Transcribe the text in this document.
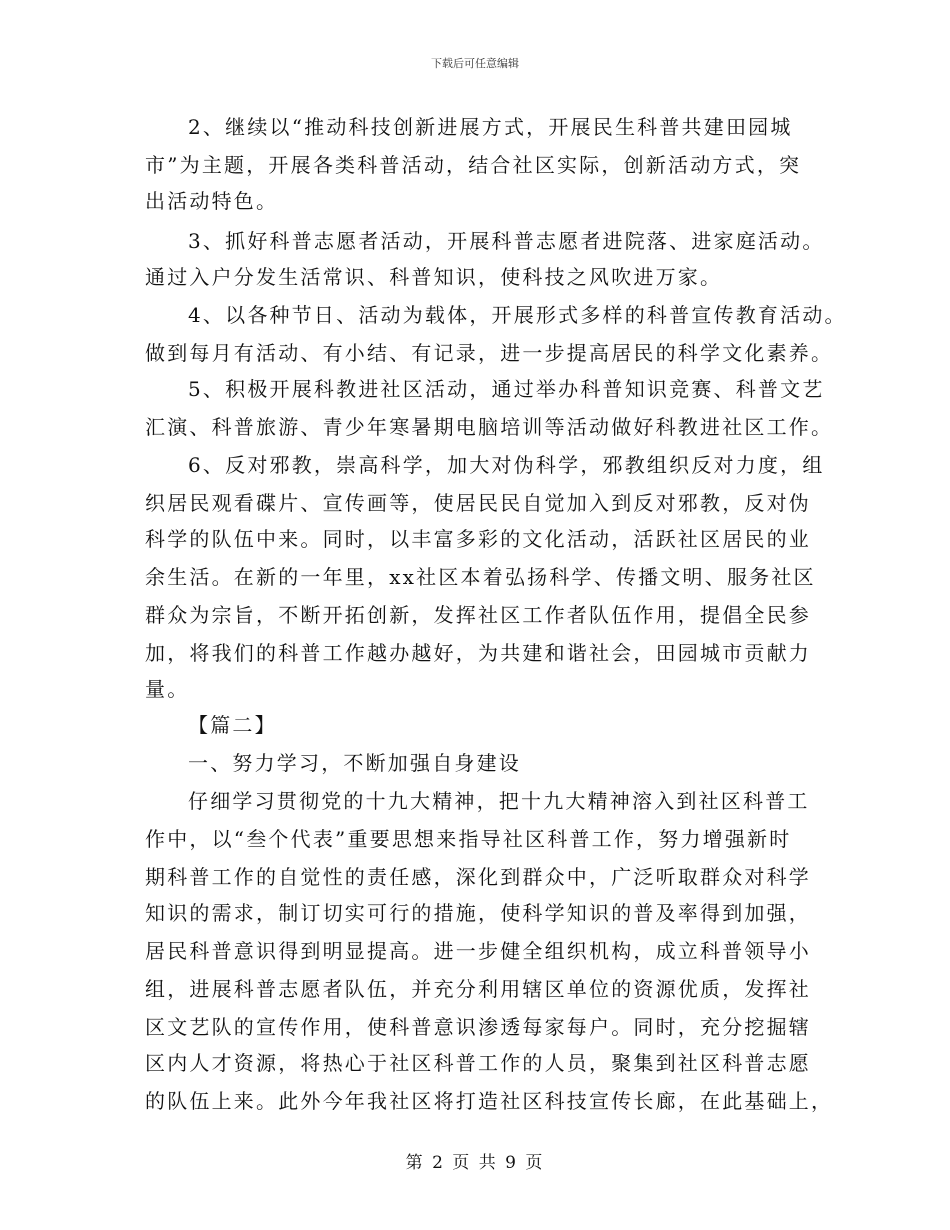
下载后可任意编辑
2、继续以“推动科技创新进展方式，开展民生科普共建田园城
市”为主题，开展各类科普活动，结合社区实际，创新活动方式，突
出活动特色。
3、抓好科普志愿者活动，开展科普志愿者进院落、进家庭活动。
通过入户分发生活常识、科普知识，使科技之风吹进万家。
4、以各种节日、活动为载体，开展形式多样的科普宣传教育活动。
做到每月有活动、有小结、有记录，进一步提高居民的科学文化素养。
5、积极开展科教进社区活动，通过举办科普知识竞赛、科普文艺
汇演、科普旅游、青少年寒暑期电脑培训等活动做好科教进社区工作。
6、反对邪教，崇高科学，加大对伪科学，邪教组织反对力度，组
织居民观看碟片、宣传画等，使居民民自觉加入到反对邪教，反对伪
科学的队伍中来。同时，以丰富多彩的文化活动，活跃社区居民的业
余生活。在新的一年里，xx社区本着弘扬科学、传播文明、服务社区
群众为宗旨，不断开拓创新，发挥社区工作者队伍作用，提倡全民参
加，将我们的科普工作越办越好，为共建和谐社会，田园城市贡献力
量。
【篇二】
一、努力学习，不断加强自身建设
仔细学习贯彻党的十九大精神，把十九大精神溶入到社区科普工
作中，以“叁个代表”重要思想来指导社区科普工作，努力增强新时
期科普工作的自觉性的责任感，深化到群众中，广泛听取群众对科学
知识的需求，制订切实可行的措施，使科学知识的普及率得到加强，
居民科普意识得到明显提高。进一步健全组织机构，成立科普领导小
组，进展科普志愿者队伍，并充分利用辖区单位的资源优质，发挥社
区文艺队的宣传作用，使科普意识渗透每家每户。同时，充分挖掘辖
区内人才资源，将热心于社区科普工作的人员，聚集到社区科普志愿
的队伍上来。此外今年我社区将打造社区科技宣传长廊，在此基础上，
第 2 页 共 9 页
